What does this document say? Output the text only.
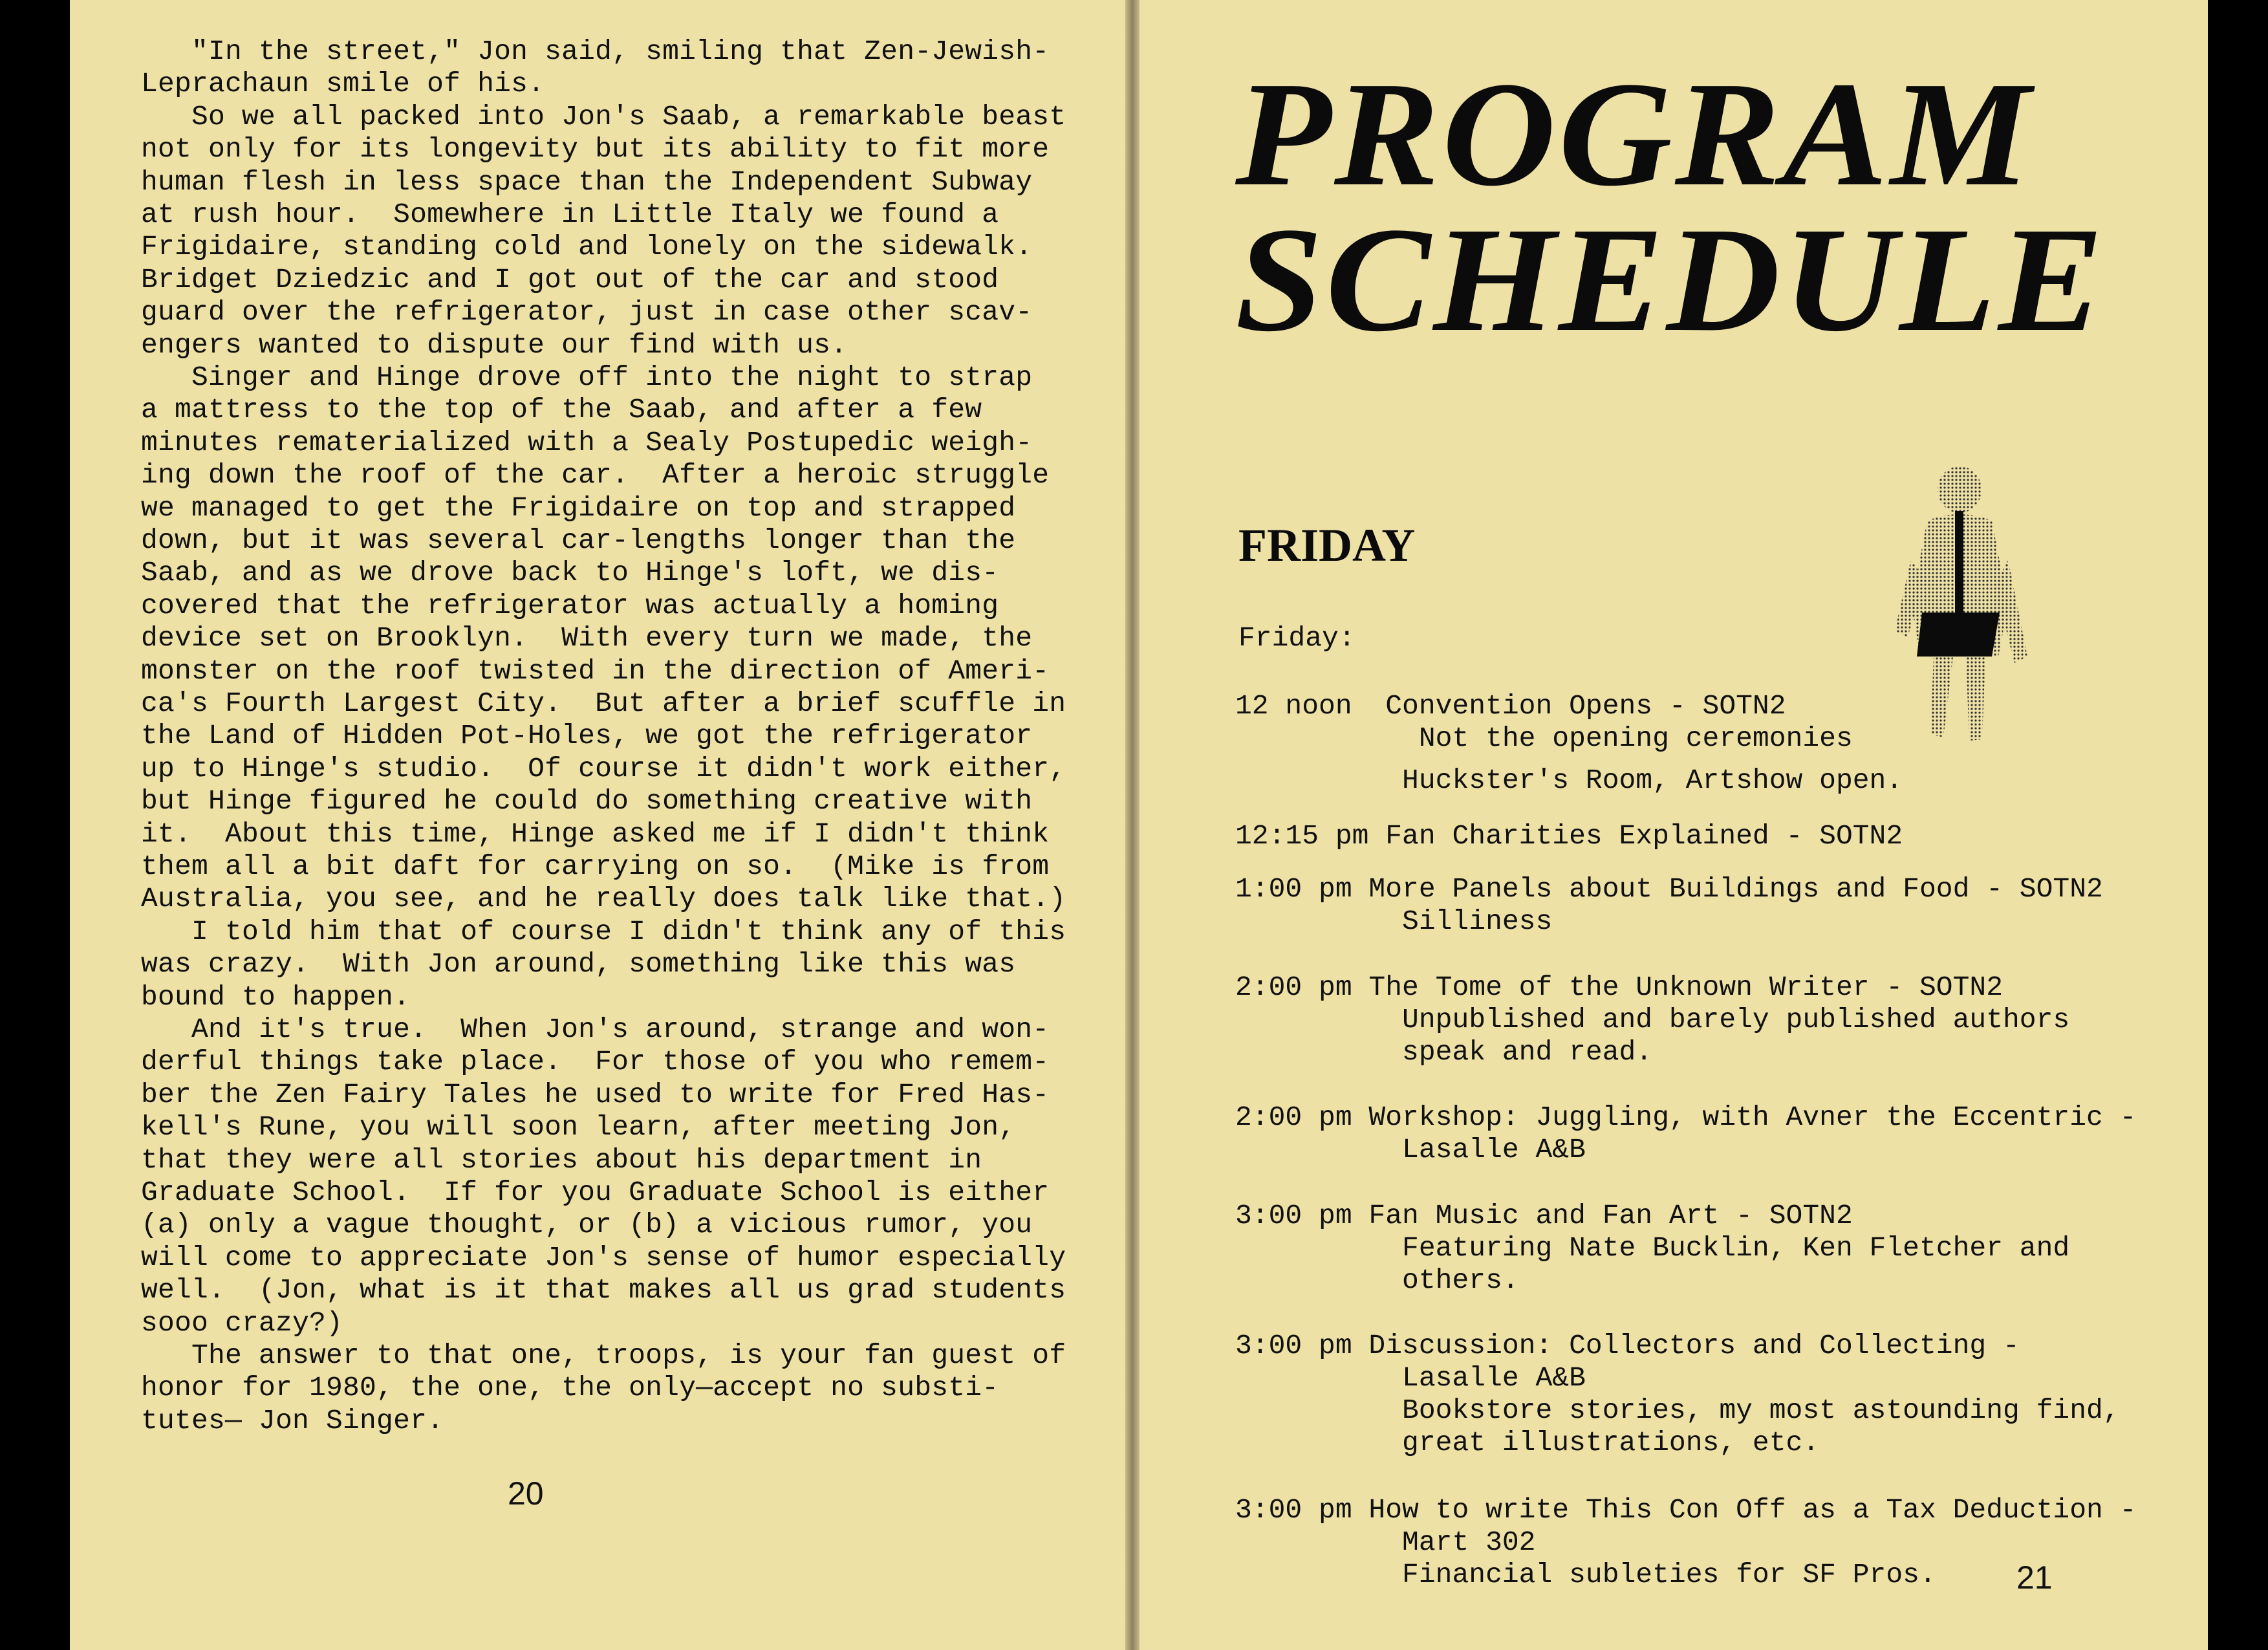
"In the street," Jon said, smiling that Zen-Jewish-
Leprachaun smile of his.
So we all packed into Jon's Saab, a remarkable beast
not only for its longevity but its ability to fit more
human flesh in less space than the Independent Subway
at rush hour.  Somewhere in Little Italy we found a
Frigidaire, standing cold and lonely on the sidewalk.
Bridget Dziedzic and I got out of the car and stood
guard over the refrigerator, just in case other scav-
engers wanted to dispute our find with us.
Singer and Hinge drove off into the night to strap
a mattress to the top of the Saab, and after a few
minutes rematerialized with a Sealy Postupedic weigh-
ing down the roof of the car.  After a heroic struggle
we managed to get the Frigidaire on top and strapped
down, but it was several car-lengths longer than the
Saab, and as we drove back to Hinge's loft, we dis-
covered that the refrigerator was actually a homing
device set on Brooklyn.  With every turn we made, the
monster on the roof twisted in the direction of Ameri-
ca's Fourth Largest City.  But after a brief scuffle in
the Land of Hidden Pot-Holes, we got the refrigerator
up to Hinge's studio.  Of course it didn't work either,
but Hinge figured he could do something creative with
it.  About this time, Hinge asked me if I didn't think
them all a bit daft for carrying on so.  (Mike is from
Australia, you see, and he really does talk like that.)
I told him that of course I didn't think any of this
was crazy.  With Jon around, something like this was
bound to happen.
And it's true.  When Jon's around, strange and won-
derful things take place.  For those of you who remem-
ber the Zen Fairy Tales he used to write for Fred Has-
kell's Rune, you will soon learn, after meeting Jon,
that they were all stories about his department in
Graduate School.  If for you Graduate School is either
(a) only a vague thought, or (b) a vicious rumor, you
will come to appreciate Jon's sense of humor especially
well.  (Jon, what is it that makes all us grad students
sooo crazy?)
The answer to that one, troops, is your fan guest of
honor for 1980, the one, the only—accept no substi-
tutes— Jon Singer.
20
PROGRAM
SCHEDULE
FRIDAY
Friday:
12 noon  Convention Opens - SOTN2
Not the opening ceremonies
Huckster's Room, Artshow open.
12:15 pm Fan Charities Explained - SOTN2
1:00 pm More Panels about Buildings and Food - SOTN2
Silliness
2:00 pm The Tome of the Unknown Writer - SOTN2
Unpublished and barely published authors
speak and read.
2:00 pm Workshop: Juggling, with Avner the Eccentric -
Lasalle A&B
3:00 pm Fan Music and Fan Art - SOTN2
Featuring Nate Bucklin, Ken Fletcher and
others.
3:00 pm Discussion: Collectors and Collecting -
Lasalle A&B
Bookstore stories, my most astounding find,
great illustrations, etc.
3:00 pm How to write This Con Off as a Tax Deduction -
Mart 302
Financial subleties for SF Pros. 21
